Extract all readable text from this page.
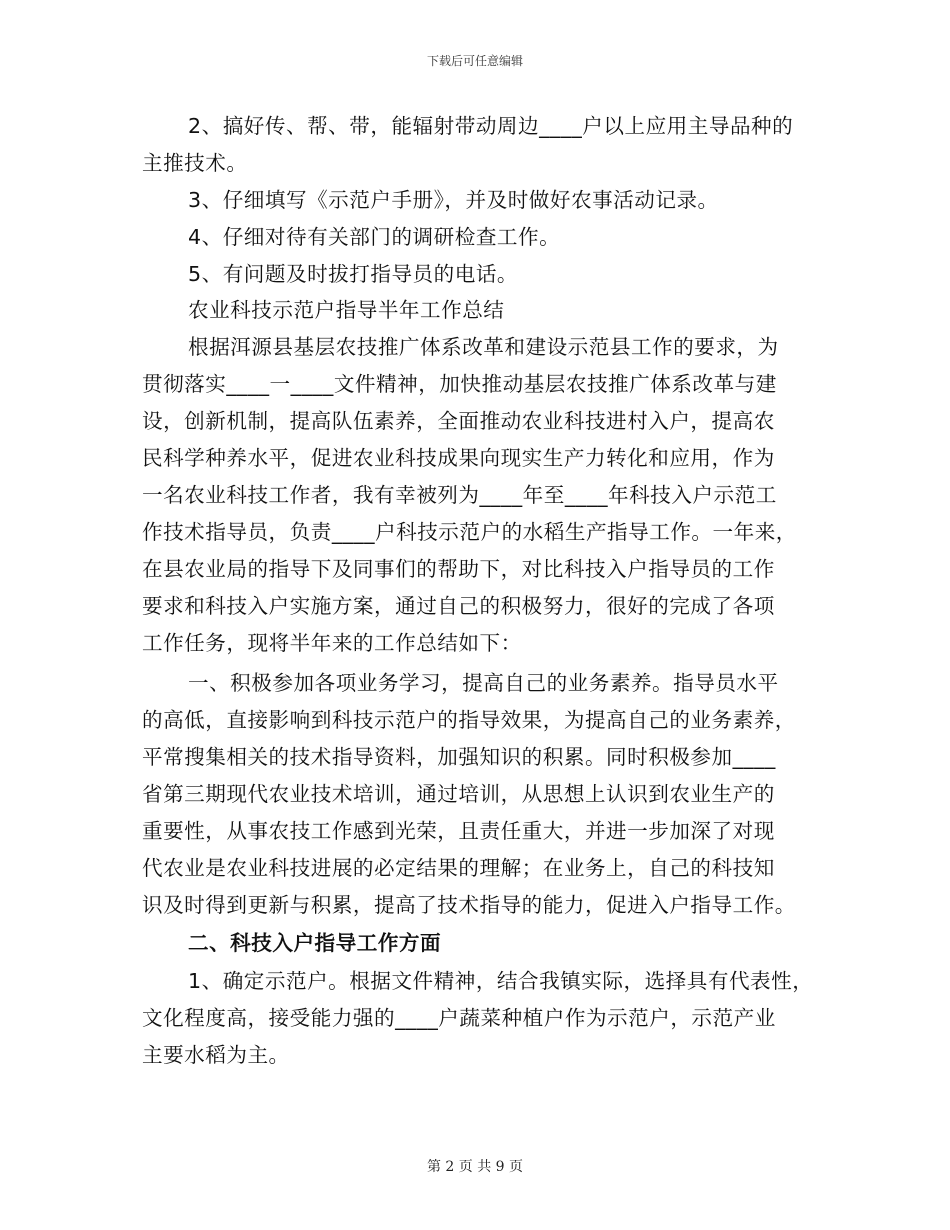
下载后可任意编辑
2、搞好传、帮、带，能辐射带动周边____户以上应用主导品种的
主推技术。
3、仔细填写《示范户手册》，并及时做好农事活动记录。
4、仔细对待有关部门的调研检查工作。
5、有问题及时拔打指导员的电话。
农业科技示范户指导半年工作总结
根据洱源县基层农技推广体系改革和建设示范县工作的要求，为
贯彻落实____一____文件精神，加快推动基层农技推广体系改革与建
设，创新机制，提高队伍素养，全面推动农业科技进村入户，提高农
民科学种养水平，促进农业科技成果向现实生产力转化和应用，作为
一名农业科技工作者，我有幸被列为____年至____年科技入户示范工
作技术指导员，负责____户科技示范户的水稻生产指导工作。一年来，
在县农业局的指导下及同事们的帮助下，对比科技入户指导员的工作
要求和科技入户实施方案，通过自己的积极努力，很好的完成了各项
工作任务，现将半年来的工作总结如下：
一、积极参加各项业务学习，提高自己的业务素养。指导员水平
的高低，直接影响到科技示范户的指导效果，为提高自己的业务素养，
平常搜集相关的技术指导资料，加强知识的积累。同时积极参加____
省第三期现代农业技术培训，通过培训，从思想上认识到农业生产的
重要性，从事农技工作感到光荣，且责任重大，并进一步加深了对现
代农业是农业科技进展的必定结果的理解；在业务上，自己的科技知
识及时得到更新与积累，提高了技术指导的能力，促进入户指导工作。
二、科技入户指导工作方面
1、确定示范户。根据文件精神，结合我镇实际，选择具有代表性，
文化程度高，接受能力强的____户蔬菜种植户作为示范户，示范产业
主要水稻为主。
第 2 页 共 9 页
